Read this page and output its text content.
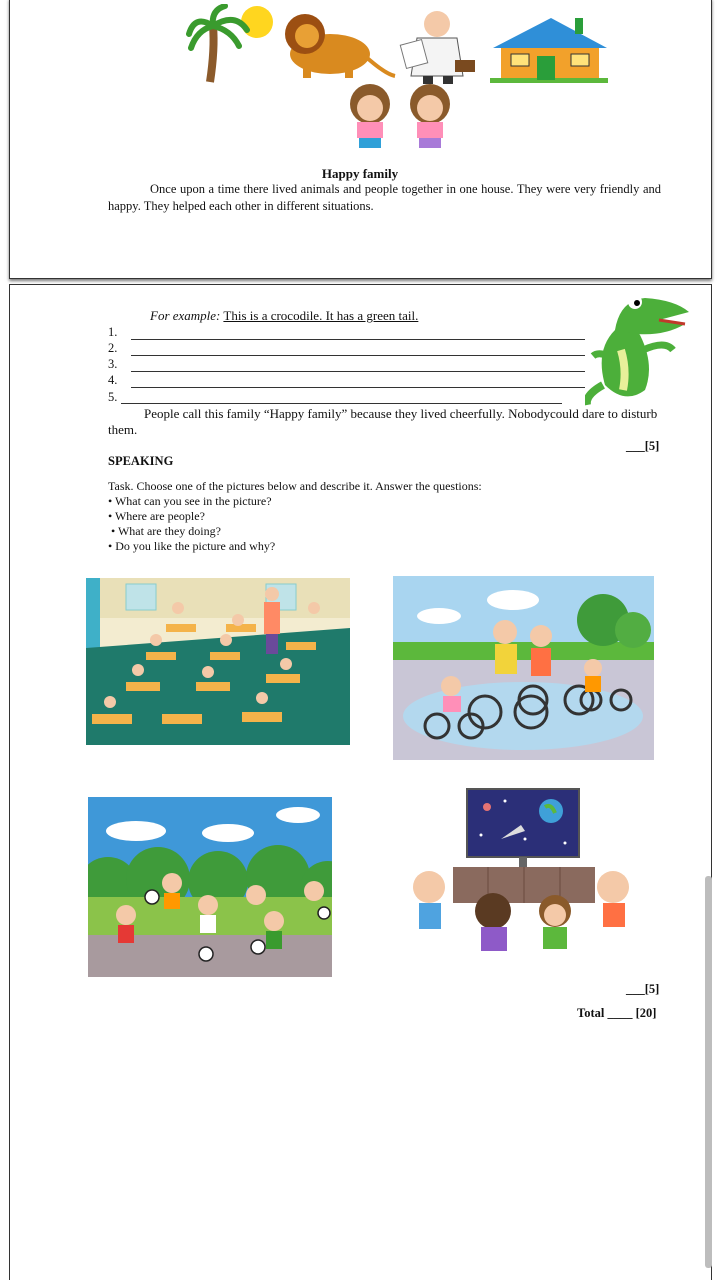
Happy family
Once upon a time there lived animals and people together in one house. They were very friendly and happy. They helped each other in different situations.
For example: This is a crocodile. It has a green tail.
1.
2.
3.
4.
5.
People call this family “Happy family” because they lived cheerfully. Nobodycould dare to disturb them.
___[5]
SPEAKING
Task. Choose one of the pictures below and describe it. Answer the questions:
• What can you see in the picture?
• Where are people?
• What are they doing?
• Do you like the picture and why?
___[5]
Total ____ [20]
